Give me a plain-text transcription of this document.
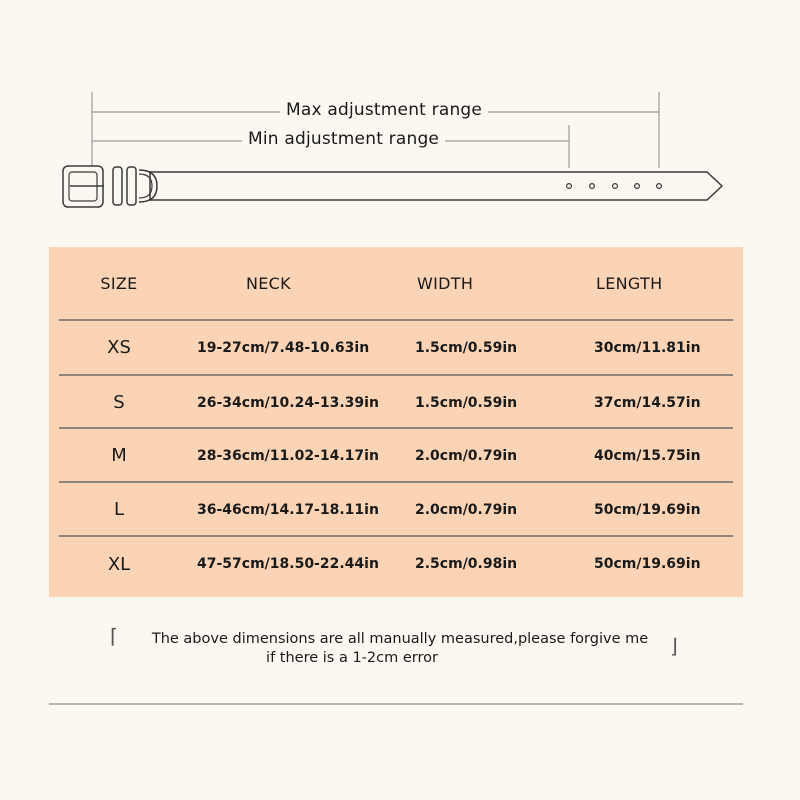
Max adjustment range
Min adjustment range
SIZE	NECK	WIDTH	LENGTH
XS	19-27cm/7.48-10.63in	1.5cm/0.59in	30cm/11.81in
S	26-34cm/10.24-13.39in	1.5cm/0.59in	37cm/14.57in
M	28-36cm/11.02-14.17in	2.0cm/0.79in	40cm/15.75in
L	36-46cm/14.17-18.11in	2.0cm/0.79in	50cm/19.69in
XL	47-57cm/18.50-22.44in	2.5cm/0.98in	50cm/19.69in
⌈	The above dimensions are all manually measured,please forgive me
if there is a 1-2cm error	⌋
